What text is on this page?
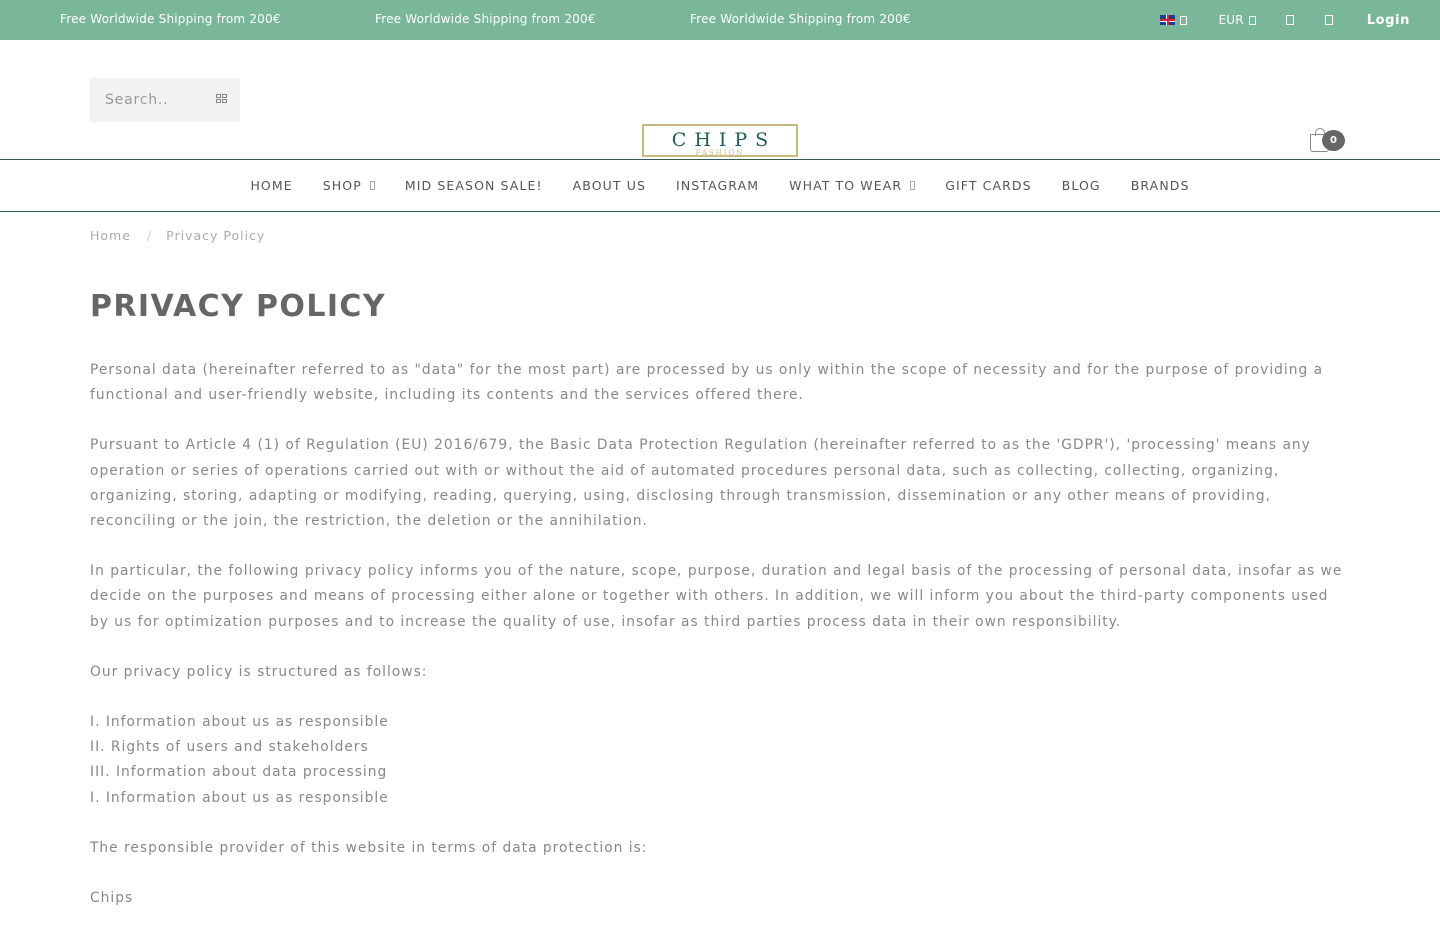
Free Worldwide Shipping from 200€	Free Worldwide Shipping from 200€	Free Worldwide Shipping from 200€	EUR	Login
Search..
CHIPS
FASHION
0
HOME SHOP	MID SEASON SALE! ABOUT US INSTAGRAM WHAT TO WEAR	GIFT CARDS BLOG BRANDS
Home / Privacy Policy
PRIVACY POLICY

Personal data (hereinafter referred to as "data" for the most part) are processed by us only within the scope of necessity and for the purpose of providing a functional and user-friendly website, including its contents and the services offered there.

Pursuant to Article 4 (1) of Regulation (EU) 2016/679, the Basic Data Protection Regulation (hereinafter referred to as the 'GDPR'), 'processing' means any operation or series of operations carried out with or without the aid of automated procedures personal data, such as collecting, collecting, organizing, organizing, storing, adapting or modifying, reading, querying, using, disclosing through transmission, dissemination or any other means of providing, reconciling or the join, the restriction, the deletion or the annihilation.

In particular, the following privacy policy informs you of the nature, scope, purpose, duration and legal basis of the processing of personal data, insofar as we decide on the purposes and means of processing either alone or together with others. In addition, we will inform you about the third-party components used by us for optimization purposes and to increase the quality of use, insofar as third parties process data in their own responsibility.

Our privacy policy is structured as follows:

I. Information about us as responsible
II. Rights of users and stakeholders
III. Information about data processing
I. Information about us as responsible

The responsible provider of this website in terms of data protection is:

Chips
